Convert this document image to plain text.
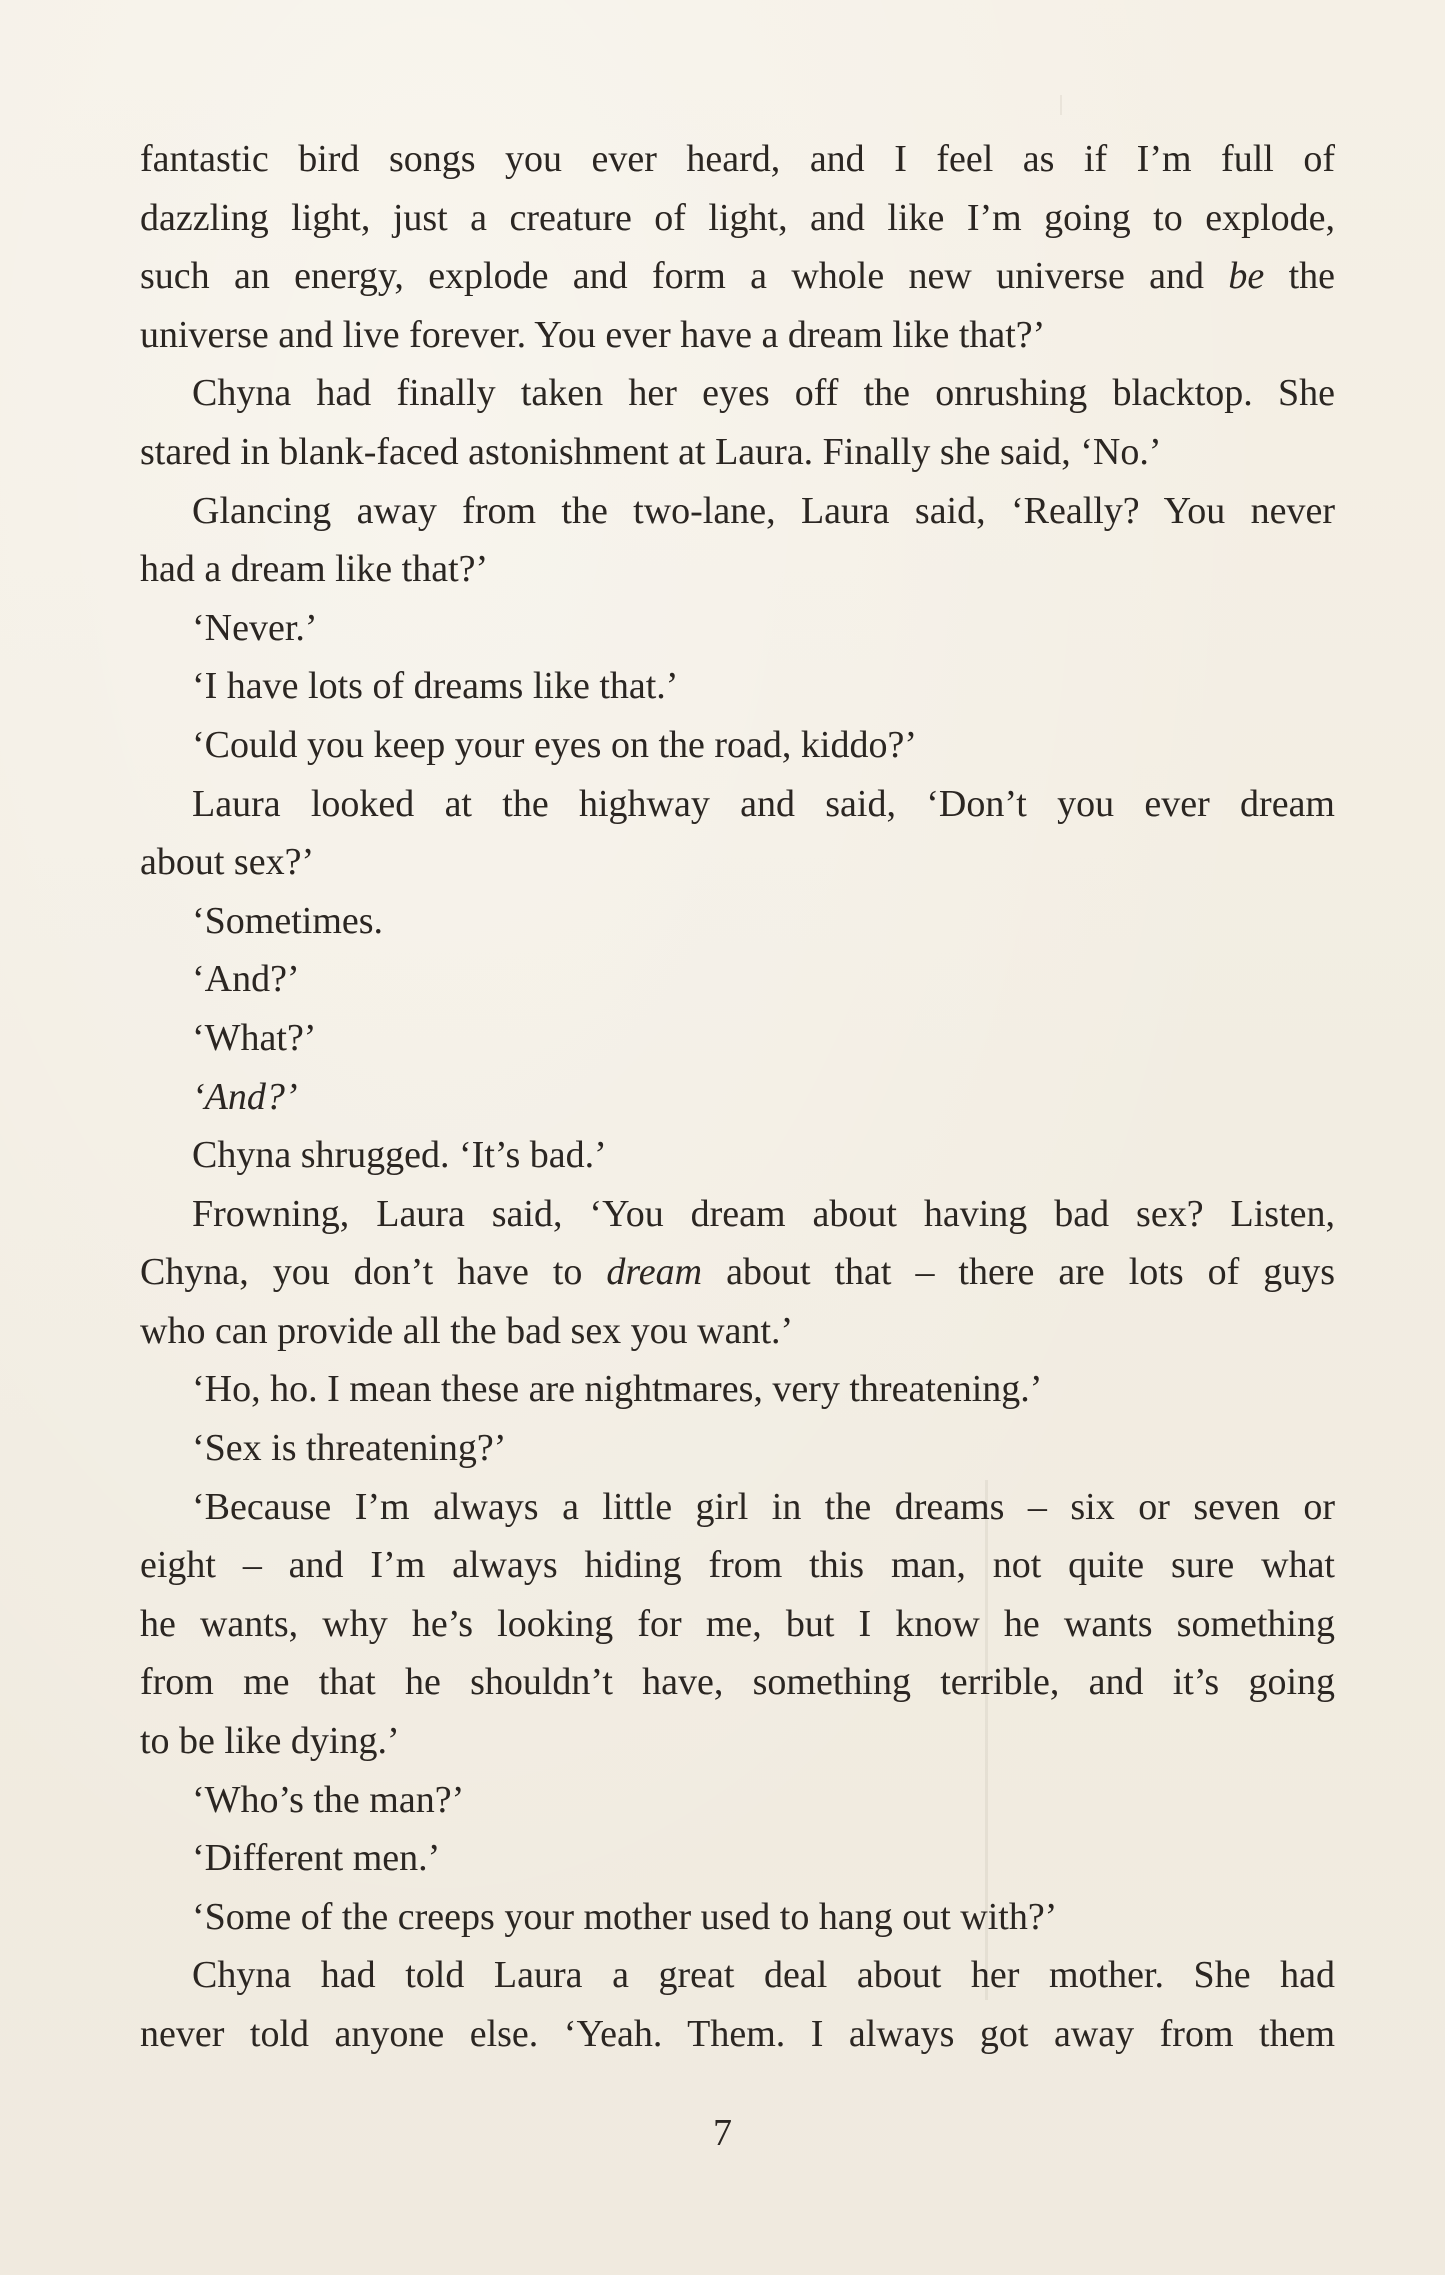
fantastic bird songs you ever heard, and I feel as if I’m full of
dazzling light, just a creature of light, and like I’m going to explode,
such an energy, explode and form a whole new universe and be the
universe and live forever. You ever have a dream like that?’
Chyna had finally taken her eyes off the onrushing blacktop. She
stared in blank-faced astonishment at Laura. Finally she said, ‘No.’
Glancing away from the two-lane, Laura said, ‘Really? You never
had a dream like that?’
‘Never.’
‘I have lots of dreams like that.’
‘Could you keep your eyes on the road, kiddo?’
Laura looked at the highway and said, ‘Don’t you ever dream
about sex?’
‘Sometimes.
‘And?’
‘What?’
‘And?’
Chyna shrugged. ‘It’s bad.’
Frowning, Laura said, ‘You dream about having bad sex? Listen,
Chyna, you don’t have to dream about that – there are lots of guys
who can provide all the bad sex you want.’
‘Ho, ho. I mean these are nightmares, very threatening.’
‘Sex is threatening?’
‘Because I’m always a little girl in the dreams – six or seven or
eight – and I’m always hiding from this man, not quite sure what
he wants, why he’s looking for me, but I know he wants something
from me that he shouldn’t have, something terrible, and it’s going
to be like dying.’
‘Who’s the man?’
‘Different men.’
‘Some of the creeps your mother used to hang out with?’
Chyna had told Laura a great deal about her mother. She had
never told anyone else. ‘Yeah. Them. I always got away from them
7
